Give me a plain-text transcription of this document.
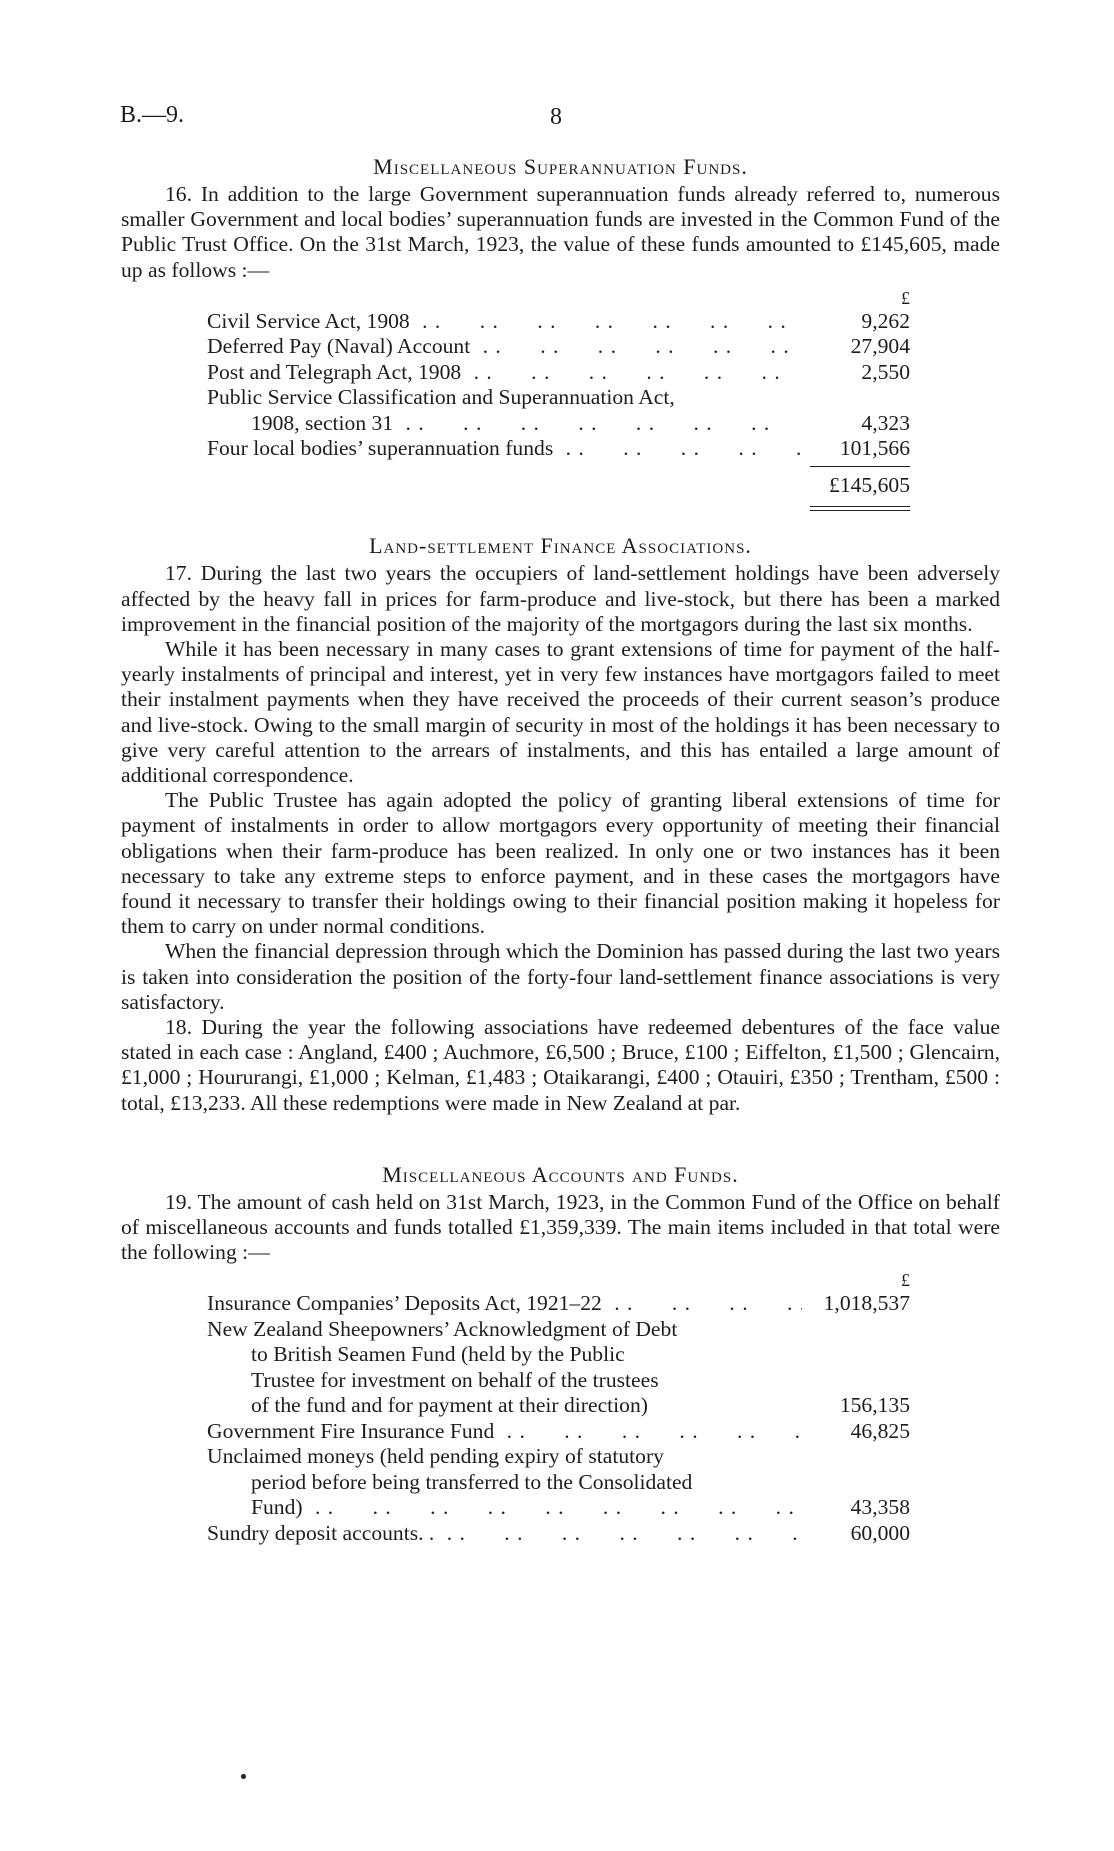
B.—9.	8
Miscellaneous Superannuation Funds.

16. In addition to the large Government superannuation funds already referred to, numerous smaller Government and local bodies’ superannuation funds are invested in the Common Fund of the Public Trust Office. On the 31st March, 1923, the value of these funds amounted to £145,605, made up as follows :—

£
Civil Service Act, 1908 . .	9,262
Deferred Pay (Naval) Account . .	27,904
Post and Telegraph Act, 1908 . .	2,550
Public Service Classification and Superannuation Act,
1908, section 31 . .	4,323
Four local bodies’ superannuation funds . .	101,566
£145,605
Land-settlement Finance Associations.

17. During the last two years the occupiers of land-settlement holdings have been adversely affected by the heavy fall in prices for farm-produce and live-stock, but there has been a marked improvement in the financial position of the majority of the mortgagors during the last six months.

While it has been necessary in many cases to grant extensions of time for payment of the half-yearly instalments of principal and interest, yet in very few instances have mortgagors failed to meet their instalment payments when they have received the proceeds of their current season’s produce and live-stock. Owing to the small margin of security in most of the holdings it has been necessary to give very careful attention to the arrears of instalments, and this has entailed a large amount of additional correspondence.

The Public Trustee has again adopted the policy of granting liberal extensions of time for payment of instalments in order to allow mortgagors every opportunity of meeting their financial obligations when their farm-produce has been realized. In only one or two instances has it been necessary to take any extreme steps to enforce payment, and in these cases the mortgagors have found it necessary to transfer their holdings owing to their financial position making it hopeless for them to carry on under normal conditions.

When the financial depression through which the Dominion has passed during the last two years is taken into consideration the position of the forty-four land-settlement finance associations is very satisfactory.

18. During the year the following associations have redeemed debentures of the face value stated in each case : Angland, £400 ; Auchmore, £6,500 ; Bruce, £100 ; Eiffelton, £1,500 ; Glencairn, £1,000 ; Hoururangi, £1,000 ; Kelman, £1,483 ; Otaikarangi, £400 ; Otauiri, £350 ; Trentham, £500 : total, £13,233. All these redemptions were made in New Zealand at par.

Miscellaneous Accounts and Funds.

19. The amount of cash held on 31st March, 1923, in the Common Fund of the Office on behalf of miscellaneous accounts and funds totalled £1,359,339. The main items included in that total were the following :—

£
Insurance Companies’ Deposits Act, 1921–22 . .	1,018,537
New Zealand Sheepowners’ Acknowledgment of Debt
to British Seamen Fund (held by the Public
Trustee for investment on behalf of the trustees
of the fund and for payment at their direction)	156,135
Government Fire Insurance Fund . .	46,825
Unclaimed moneys (held pending expiry of statutory
period before being transferred to the Consolidated
Fund) . .	43,358
Sundry deposit accounts. . . .	60,000
